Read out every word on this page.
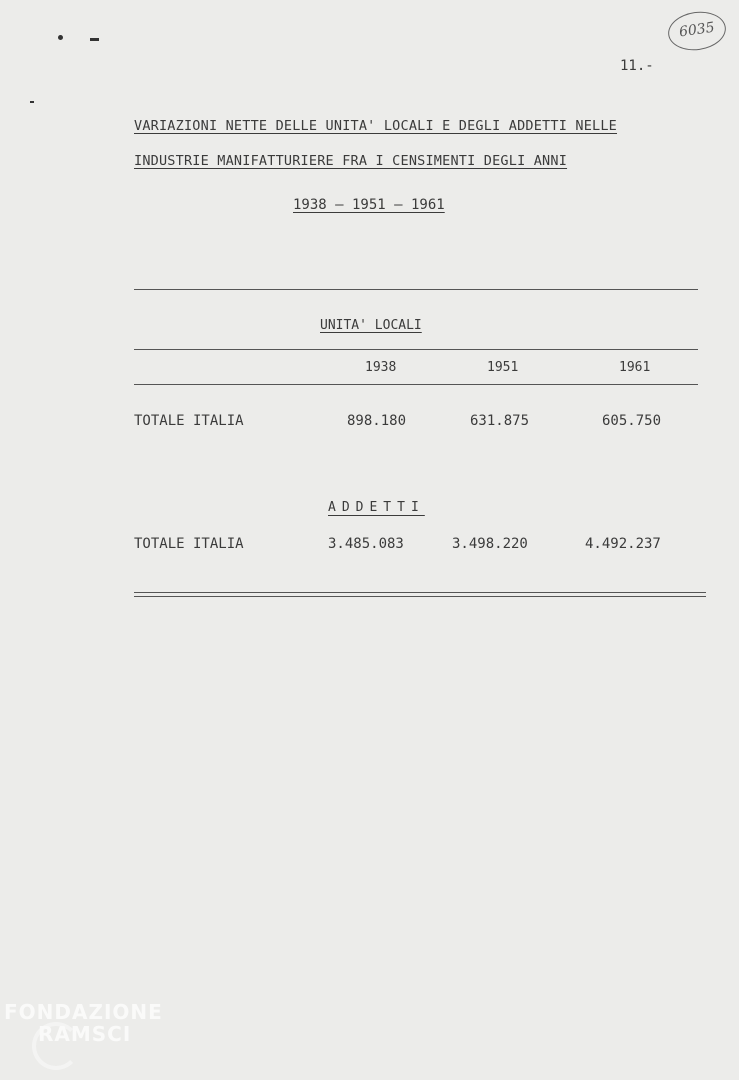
6035
11.-
VARIAZIONI NETTE DELLE UNITA' LOCALI E DEGLI ADDETTI NELLE
INDUSTRIE MANIFATTURIERE FRA I CENSIMENTI DEGLI ANNI
1938 — 1951 — 1961
UNITA' LOCALI
1938	1951	1961
TOTALE ITALIA	898.180	631.875	605.750
ADDETTI
TOTALE ITALIA	3.485.083	3.498.220	4.492.237
FONDAZIONE
RAMSCI
